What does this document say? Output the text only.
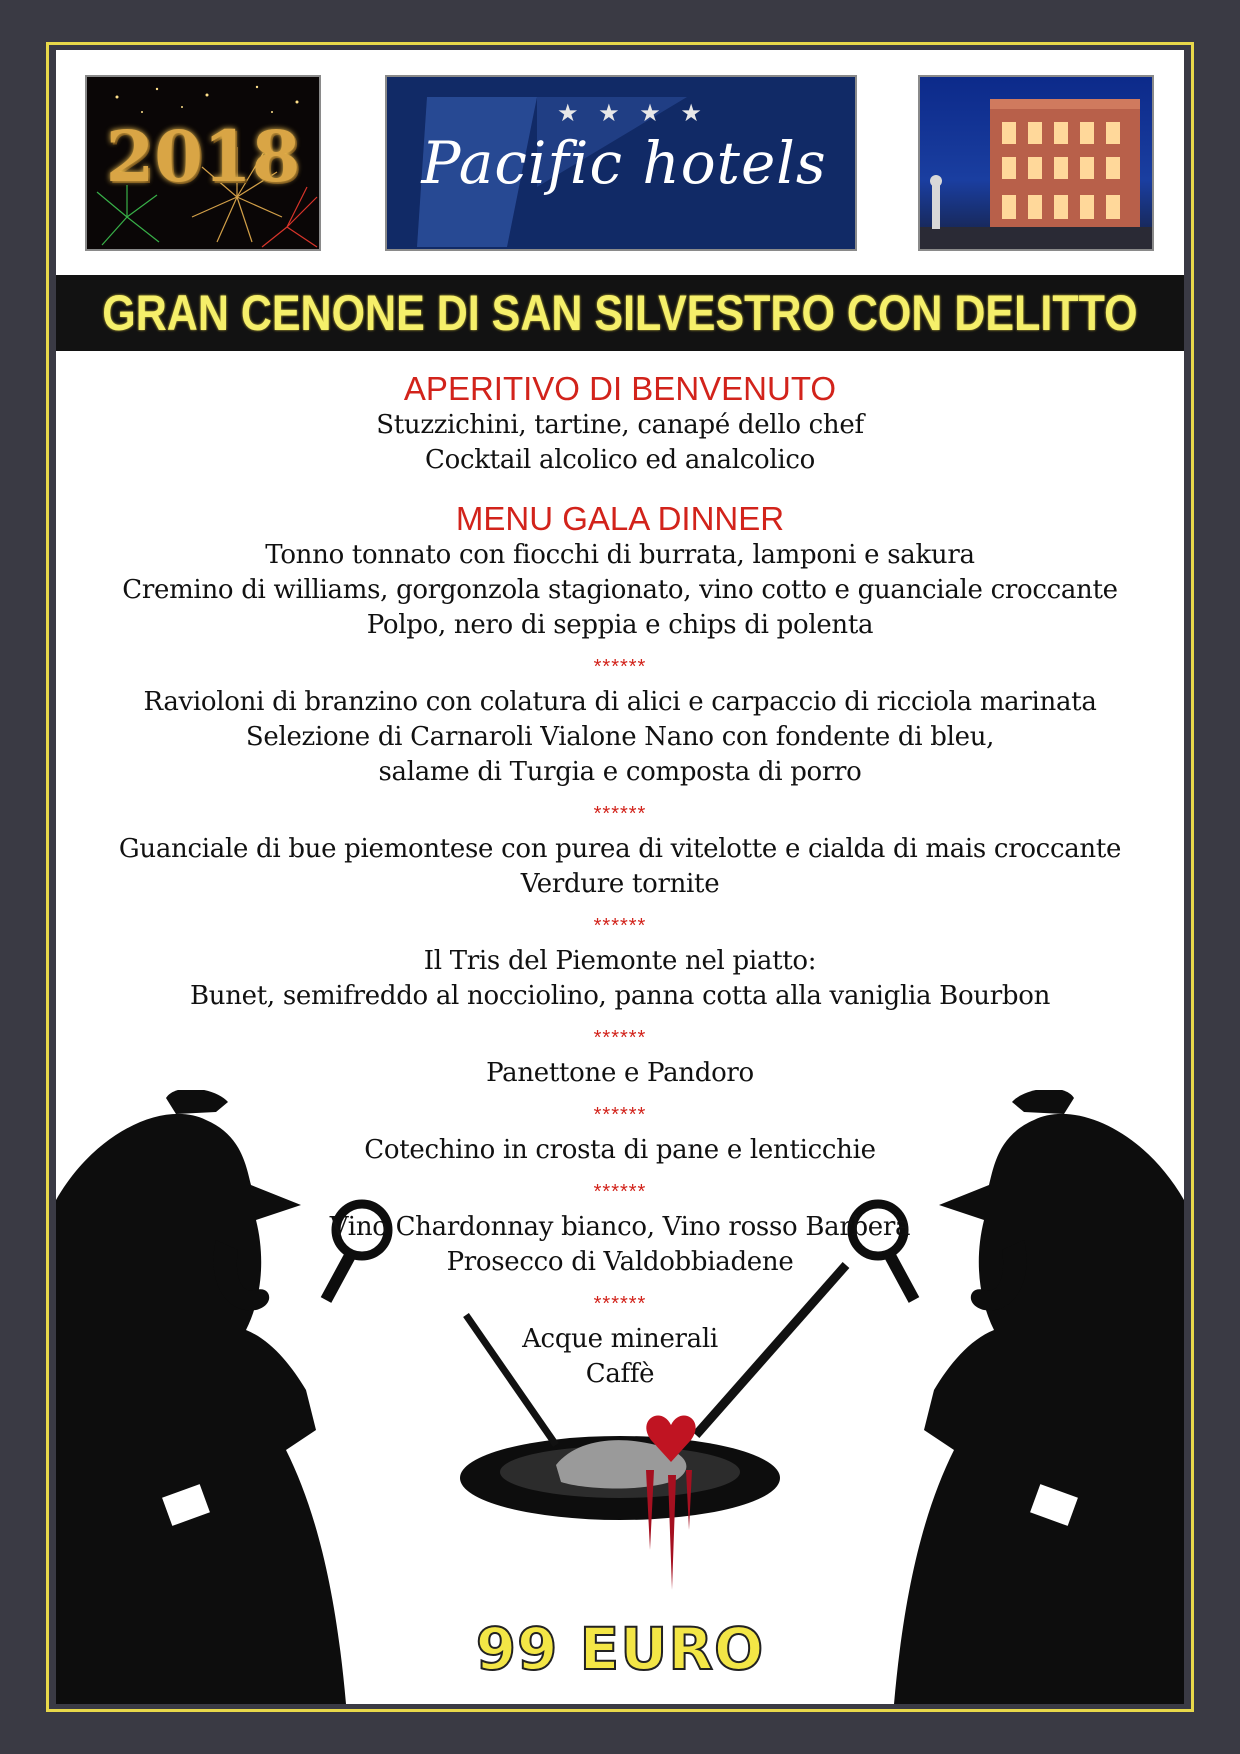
2018
★ ★ ★ ★
Pacific hotels
GRAN CENONE DI SAN SILVESTRO CON DELITTO

APERITIVO DI BENVENUTO

Stuzzichini, tartine, canapé dello chef

Cocktail alcolico ed analcolico

MENU GALA DINNER

Tonno tonnato con fiocchi di burrata, lamponi e sakura

Cremino di williams, gorgonzola stagionato, vino cotto e guanciale croccante

Polpo, nero di seppia e chips di polenta

******

Ravioloni di branzino con colatura di alici e carpaccio di ricciola marinata

Selezione di Carnaroli Vialone Nano con fondente di bleu,

salame di Turgia e composta di porro

******

Guanciale di bue piemontese con purea di vitelotte e cialda di mais croccante

Verdure tornite

******

Il Tris del Piemonte nel piatto:

Bunet, semifreddo al nocciolino, panna cotta alla vaniglia Bourbon

******

Panettone e Pandoro

******

Cotechino in crosta di pane e lenticchie

******

Vino Chardonnay bianco, Vino rosso Barbera

Prosecco di Valdobbiadene

******

Acque minerali

Caffè

99 EURO
